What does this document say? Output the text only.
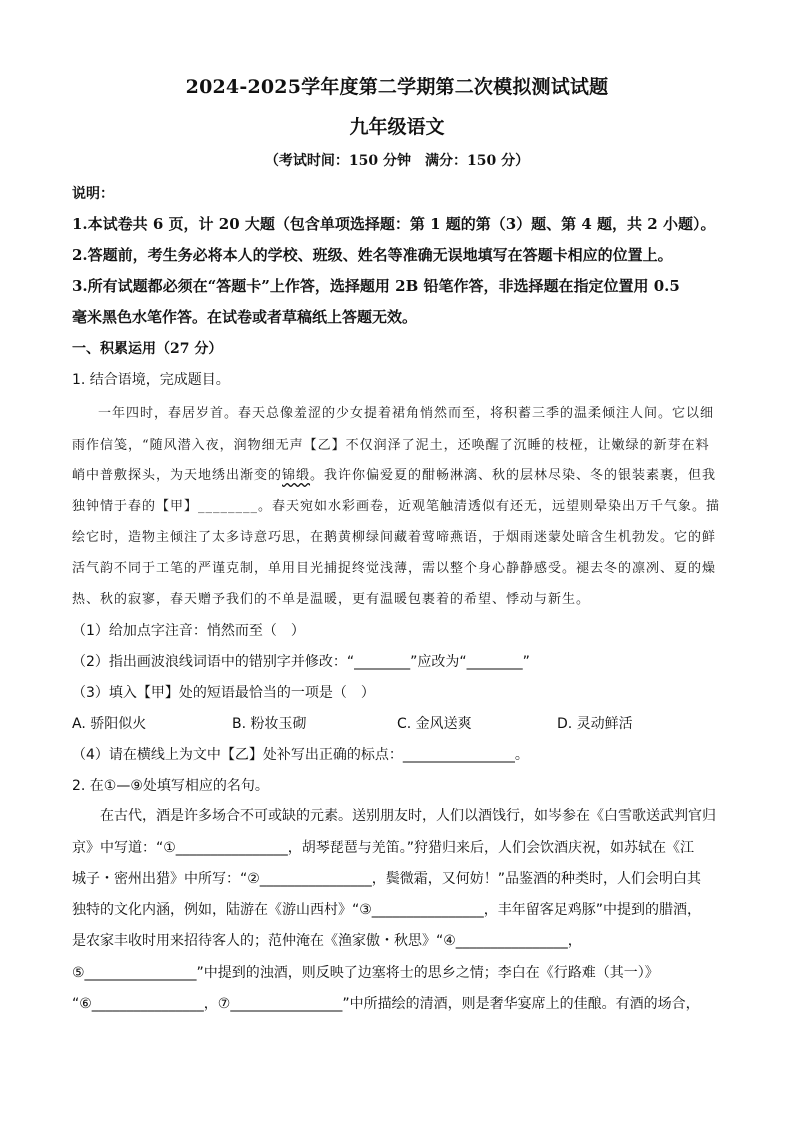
2024-2025学年度第二学期第二次模拟测试试题
九年级语文
（考试时间：150 分钟　满分：150 分）
说明：
1.本试卷共 6 页，计 20 大题（包含单项选择题：第 1 题的第（3）题、第 4 题，共 2 小题）。
2.答题前，考生务必将本人的学校、班级、姓名等准确无误地填写在答题卡相应的位置上。
3.所有试题都必须在“答题卡”上作答，选择题用 2B 铅笔作答，非选择题在指定位置用 0.5
毫米黑色水笔作答。在试卷或者草稿纸上答题无效。
一、积累运用（27 分）
1. 结合语境，完成题目。
一年四时，春居岁首。春天总像羞涩的少女提着裙角悄然而至，将积蓄三季的温柔倾注人间。它以细
雨作信笺，“随风潜入夜，润物细无声【乙】不仅润泽了泥土，还唤醒了沉睡的枝桠，让嫩绿的新芽在料
峭中普敷探头，为天地绣出渐变的锦缎。我许你偏爱夏的酣畅淋漓、秋的层林尽染、冬的银装素裹，但我
独钟情于春的【甲】________。春天宛如水彩画卷，近观笔触清透似有还无，远望则晕染出万千气象。描
绘它时，造物主倾注了太多诗意巧思，在鹅黄柳绿间藏着莺啼燕语，于烟雨迷蒙处暗含生机勃发。它的鲜
活气韵不同于工笔的严谨克制，单用目光捕捉终觉浅薄，需以整个身心静静感受。褪去冬的凛冽、夏的燥
热、秋的寂寥，春天赠予我们的不单是温暖，更有温暖包裹着的希望、悸动与新生。
（1）给加点字注音：悄然而至（　）
（2）指出画波浪线词语中的错别字并修改：“________”应改为“________”
（3）填入【甲】处的短语最恰当的一项是（　）
A. 骄阳似火	B. 粉妆玉砌	C. 金风送爽	D. 灵动鲜活
（4）请在横线上为文中【乙】处补写出正确的标点：________________。
2. 在①—⑨处填写相应的名句。
在古代，酒是许多场合不可或缺的元素。送别朋友时，人们以酒饯行，如岑参在《白雪歌送武判官归
京》中写道：“①________________，胡琴琵琶与羌笛。”狩猎归来后，人们会饮酒庆祝，如苏轼在《江
城子・密州出猎》中所写：“②________________，鬓微霜，又何妨！”品鉴酒的种类时，人们会明白其
独特的文化内涵，例如，陆游在《游山西村》“③________________，丰年留客足鸡豚”中提到的腊酒，
是农家丰收时用来招待客人的；范仲淹在《渔家傲・秋思》“④________________，
⑤________________”中提到的浊酒，则反映了边塞将士的思乡之情；李白在《行路难（其一）》
“⑥________________，⑦________________”中所描绘的清酒，则是奢华宴席上的佳酿。有酒的场合，
